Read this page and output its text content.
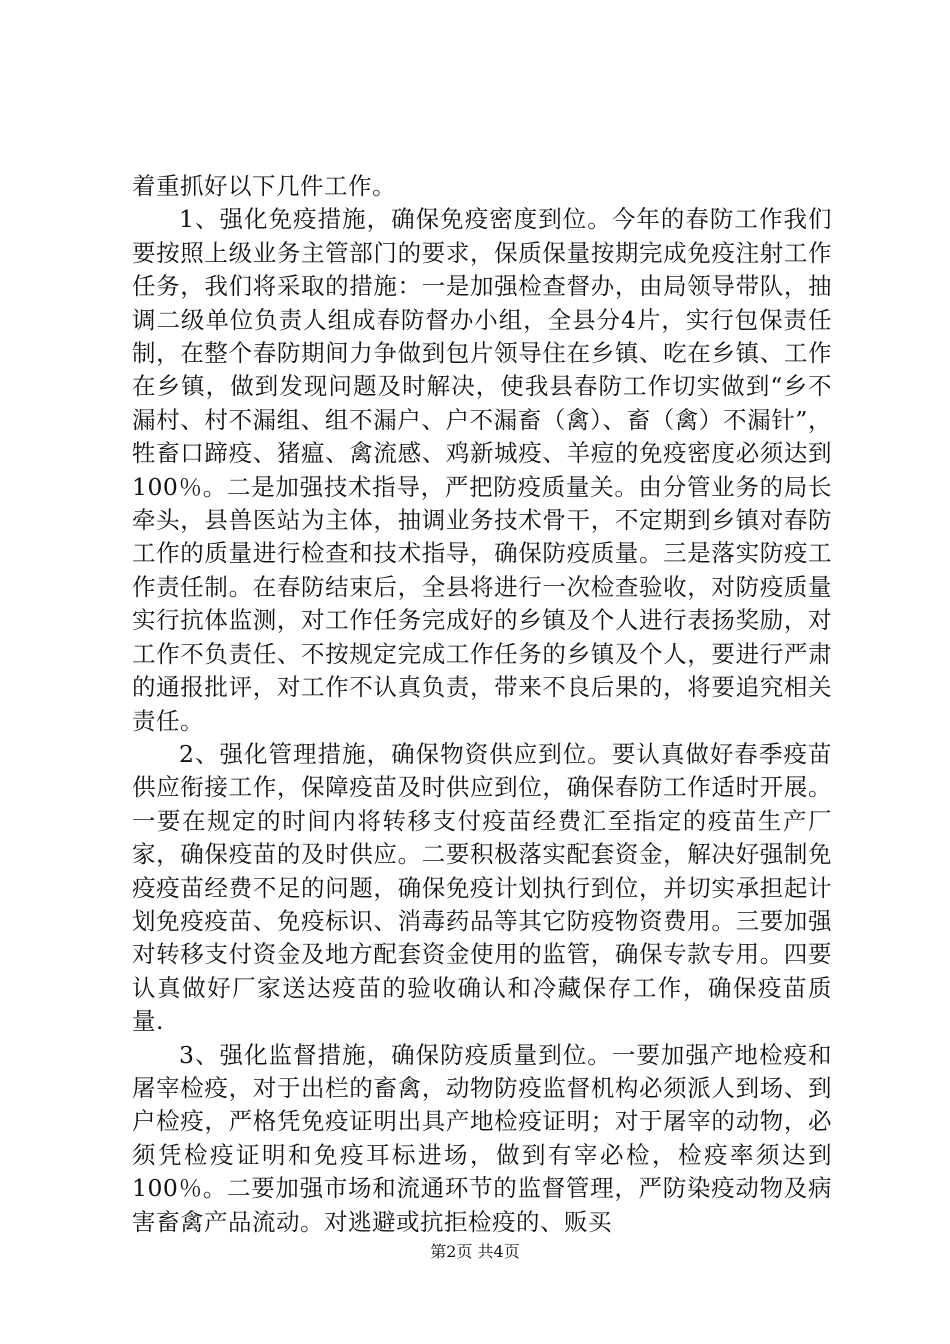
着重抓好以下几件工作。

1、强化免疫措施，确保免疫密度到位。今年的春防工作我们要按照上级业务主管部门的要求，保质保量按期完成免疫注射工作任务，我们将采取的措施：一是加强检查督办，由局领导带队，抽调二级单位负责人组成春防督办小组，全县分4片，实行包保责任制，在整个春防期间力争做到包片领导住在乡镇、吃在乡镇、工作在乡镇，做到发现问题及时解决，使我县春防工作切实做到“乡不漏村、村不漏组、组不漏户、户不漏畜（禽）、畜（禽）不漏针”，牲畜口蹄疫、猪瘟、禽流感、鸡新城疫、羊痘的免疫密度必须达到100％。二是加强技术指导，严把防疫质量关。由分管业务的局长牵头，县兽医站为主体，抽调业务技术骨干，不定期到乡镇对春防工作的质量进行检查和技术指导，确保防疫质量。三是落实防疫工作责任制。在春防结束后，全县将进行一次检查验收，对防疫质量实行抗体监测，对工作任务完成好的乡镇及个人进行表扬奖励，对工作不负责任、不按规定完成工作任务的乡镇及个人，要进行严肃的通报批评，对工作不认真负责，带来不良后果的，将要追究相关责任。

2、强化管理措施，确保物资供应到位。要认真做好春季疫苗供应衔接工作，保障疫苗及时供应到位，确保春防工作适时开展。一要在规定的时间内将转移支付疫苗经费汇至指定的疫苗生产厂家，确保疫苗的及时供应。二要积极落实配套资金，解决好强制免疫疫苗经费不足的问题，确保免疫计划执行到位，并切实承担起计划免疫疫苗、免疫标识、消毒药品等其它防疫物资费用。三要加强对转移支付资金及地方配套资金使用的监管，确保专款专用。四要认真做好厂家送达疫苗的验收确认和冷藏保存工作，确保疫苗质量.

3、强化监督措施，确保防疫质量到位。一要加强产地检疫和屠宰检疫，对于出栏的畜禽，动物防疫监督机构必须派人到场、到户检疫，严格凭免疫证明出具产地检疫证明；对于屠宰的动物，必须凭检疫证明和免疫耳标进场，做到有宰必检，检疫率须达到100％。二要加强市场和流通环节的监督管理，严防染疫动物及病害畜禽产品流动。对逃避或抗拒检疫的、贩买

第2页 共4页
